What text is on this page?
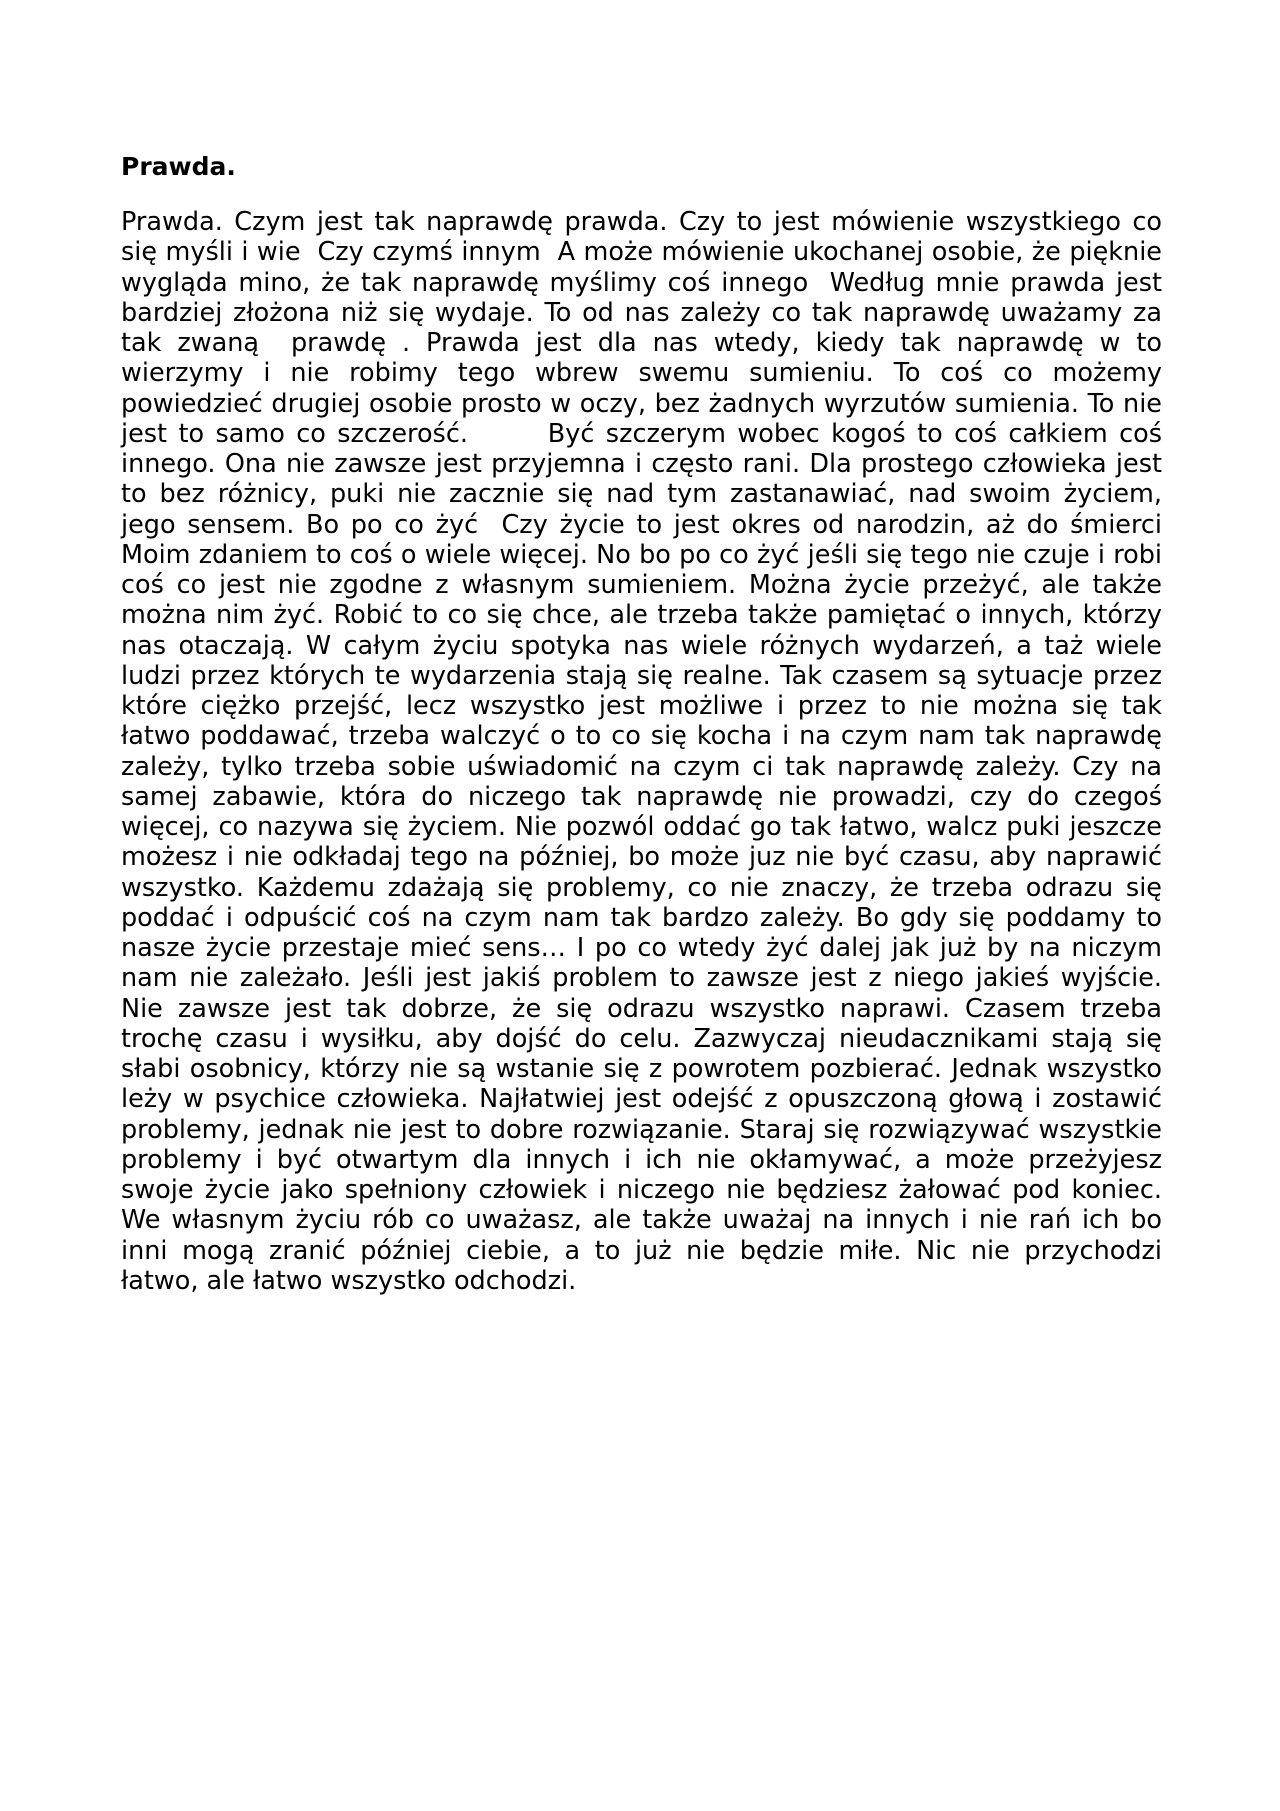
Prawda.

Prawda. Czym jest tak naprawdę prawda. Czy to jest mówienie wszystkiego co się myśli i wie  Czy czymś innym  A może mówienie ukochanej osobie, że pięknie wygląda mino, że tak naprawdę myślimy coś innego  Według mnie prawda jest bardziej złożona niż się wydaje. To od nas zależy co tak naprawdę uważamy za tak zwaną  prawdę . Prawda jest dla nas wtedy, kiedy tak naprawdę w to wierzymy i nie robimy tego wbrew swemu sumieniu. To coś co możemy powiedzieć drugiej osobie prosto w oczy, bez żadnych wyrzutów sumienia. To nie jest to samo co szczerość.       Być szczerym wobec kogoś to coś całkiem coś innego. Ona nie zawsze jest przyjemna i często rani. Dla prostego człowieka jest to bez różnicy, puki nie zacznie się nad tym zastanawiać, nad swoim życiem, jego sensem. Bo po co żyć  Czy życie to jest okres od narodzin, aż do śmierci  Moim zdaniem to coś o wiele więcej. No bo po co żyć jeśli się tego nie czuje i robi coś co jest nie zgodne z własnym sumieniem. Można życie przeżyć, ale także można nim żyć. Robić to co się chce, ale trzeba także pamiętać o innych, którzy nas otaczają. W całym życiu spotyka nas wiele różnych wydarzeń, a taż wiele ludzi przez których te wydarzenia stają się realne. Tak czasem są sytuacje przez które ciężko przejść, lecz wszystko jest możliwe i przez to nie można się tak łatwo poddawać, trzeba walczyć o to co się kocha i na czym nam tak naprawdę zależy, tylko trzeba sobie uświadomić na czym ci tak naprawdę zależy. Czy na samej zabawie, która do niczego tak naprawdę nie prowadzi, czy do czegoś więcej, co nazywa się życiem. Nie pozwól oddać go tak łatwo, walcz puki jeszcze możesz i nie odkładaj tego na później, bo może juz nie być czasu, aby naprawić wszystko. Każdemu zdażają się problemy, co nie znaczy, że trzeba odrazu się poddać i odpuścić coś na czym nam tak bardzo zależy. Bo gdy się poddamy to nasze życie przestaje mieć sens… I po co wtedy żyć dalej jak już by na niczym nam nie zależało. Jeśli jest jakiś problem to zawsze jest z niego jakieś wyjście. Nie zawsze jest tak dobrze, że się odrazu wszystko naprawi. Czasem trzeba trochę czasu i wysiłku, aby dojść do celu. Zazwyczaj nieudacznikami stają się słabi osobnicy, którzy nie są wstanie się z powrotem pozbierać. Jednak wszystko leży w psychice człowieka. Najłatwiej jest odejść z opuszczoną głową i zostawić problemy, jednak nie jest to dobre rozwiązanie. Staraj się rozwiązywać wszystkie problemy i być otwartym dla innych i ich nie okłamywać, a może przeżyjesz swoje życie jako spełniony człowiek i niczego nie będziesz żałować pod koniec. We własnym życiu rób co uważasz, ale także uważaj na innych i nie rań ich bo inni mogą zranić później ciebie, a to już nie będzie miłe. Nic nie przychodzi łatwo, ale łatwo wszystko odchodzi.
